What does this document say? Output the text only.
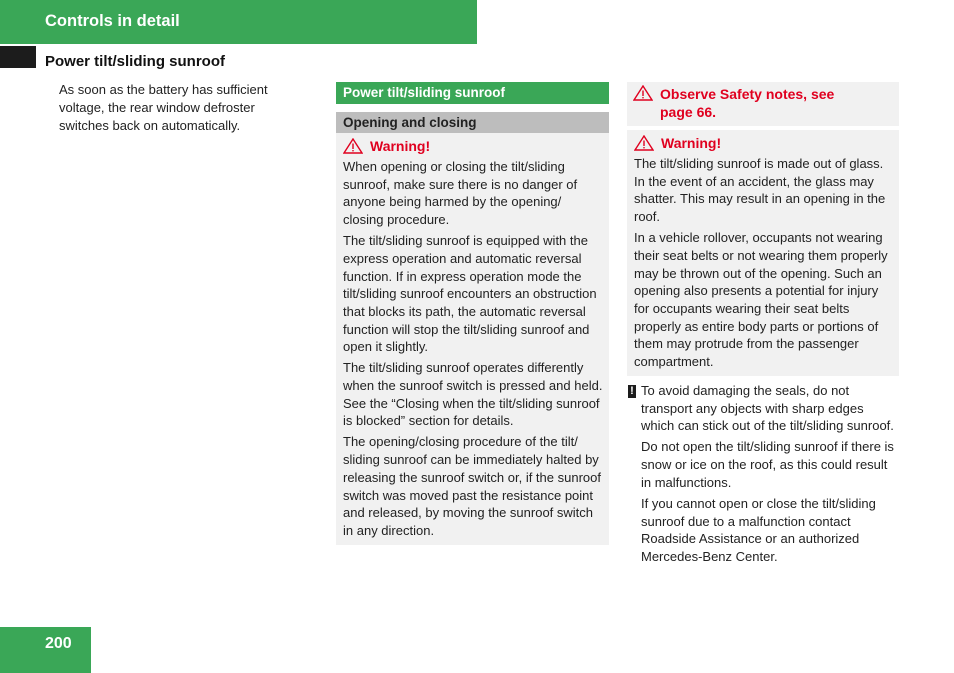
Controls in detail
Power tilt/sliding sunroof
As soon as the battery has sufficient voltage, the rear window defroster switches back on automatically.
Power tilt/sliding sunroof
Opening and closing
Warning!

When opening or closing the tilt/sliding sunroof, make sure there is no danger of anyone being harmed by the opening/ closing procedure.

The tilt/sliding sunroof is equipped with the express operation and automatic reversal function. If in express operation mode the tilt/sliding sunroof encounters an obstruction that blocks its path, the automatic reversal function will stop the tilt/sliding sunroof and open it slightly.

The tilt/sliding sunroof operates differently when the sunroof switch is pressed and held. See the “Closing when the tilt/sliding sunroof is blocked” section for details.

The opening/closing procedure of the tilt/ sliding sunroof can be immediately halted by releasing the sunroof switch or, if the sunroof switch was moved past the resistance point and released, by moving the sunroof switch in any direction.

Observe Safety notes, see page 66.
Warning!

The tilt/sliding sunroof is made out of glass. In the event of an accident, the glass may shatter. This may result in an opening in the roof.

In a vehicle rollover, occupants not wearing their seat belts or not wearing them properly may be thrown out of the opening. Such an opening also presents a potential for injury for occupants wearing their seat belts properly as entire body parts or portions of them may protrude from the passenger compartment.

! To avoid damaging the seals, do not transport any objects with sharp edges which can stick out of the tilt/sliding sunroof.

Do not open the tilt/sliding sunroof if there is snow or ice on the roof, as this could result in malfunctions.

If you cannot open or close the tilt/sliding sunroof due to a malfunction contact Roadside Assistance or an authorized Mercedes-Benz Center.

200
